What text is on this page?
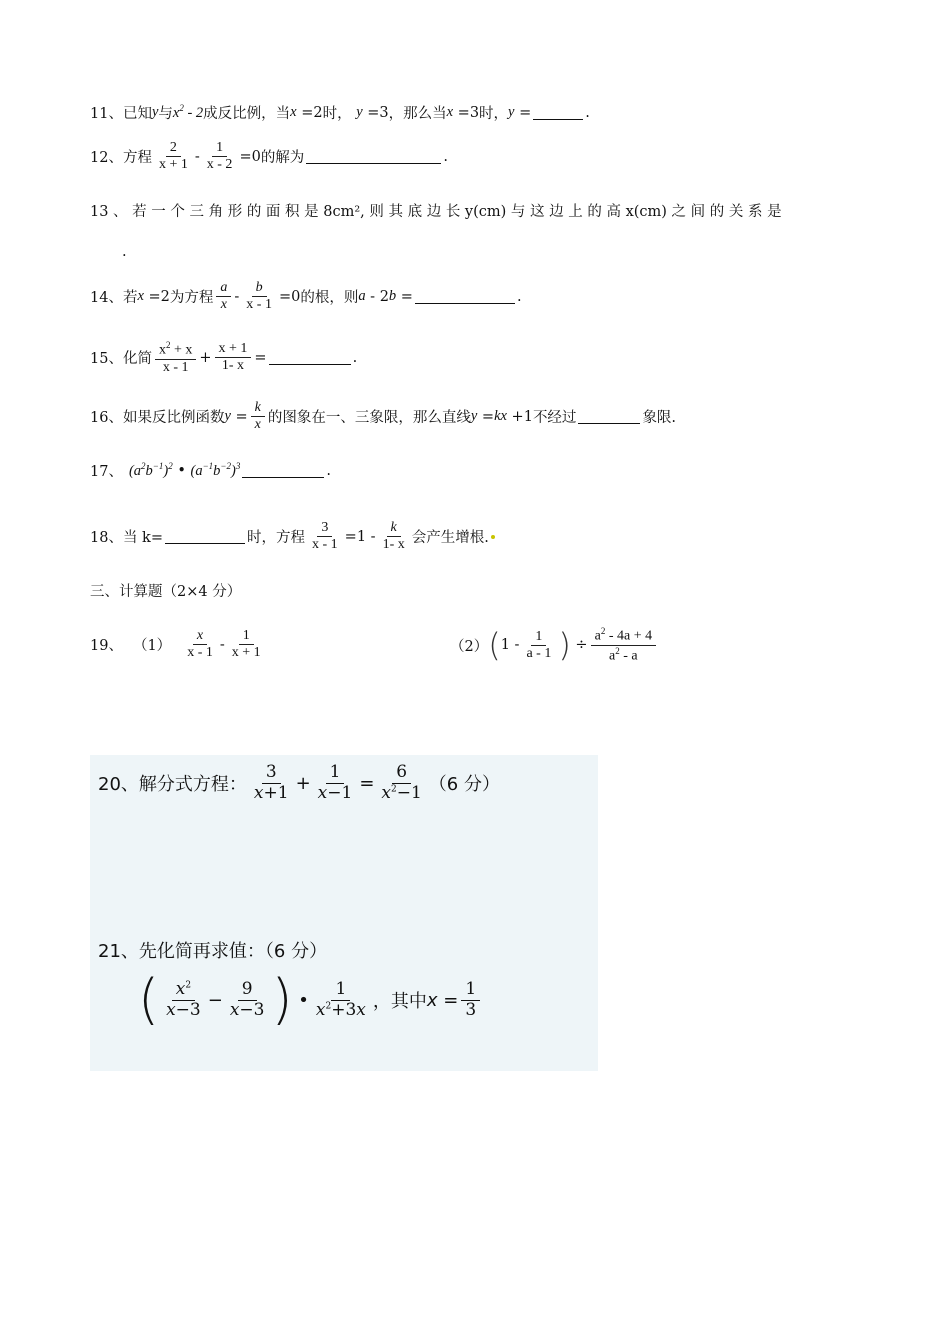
11、 已知 y 与 $x^2 - 2$ 成反比例，当 x =2 时，
y =3 ，那么当 x =3 时， y =	.
12、 方程 $\frac{2}{x + 1} - \frac{1}{x - 2} =0$ 的解为	.
13 、 若 一 个 三 角 形 的 面 积 是 8cm², 则 其 底 边 长 y(cm) 与 这 边 上 的 高 x(cm) 之 间 的 关 系 是
.
14、 若 x =2 为方程 $\frac{a}{x} - \frac{b}{x - 1} =0$ 的根，则 a - 2 b =	.
15、 化简 $\frac{x^2 + x}{x - 1} + \frac{x + 1}{1- x}$ =	.
16、 如果反比例函数 $y = \frac{k}{x}$ 的图象在一、三象限，那么直线 y = kx +1 不经过	象限.
17、 $(a^2b^{-1})^2$ • $(a^{-1}b^{-2})^3$	.
18、 当 k=	时，方程 $\frac{3}{x - 1} =1 - \frac{k}{1- x}$ 会产生增根.
三、计算题（2×4 分）
19、 $(1) \frac{x}{x - 1} - \frac{1}{x + 1}$	（2） ( $1 - \frac{1}{a - 1}$ ) ÷ $\frac{a^2 - 4a + 4}{a^2 - a}$
20、 解分式方程： $\frac{3}{x+1} + \frac{1}{x-1} = \frac{6}{x^2-1} (6$ 分）
21、 先化简再求值：（6 分）
( $\frac{x^2}{x-3} - \frac{9}{x-3}$ ) • $\frac{1}{x^2+3x}$ ，其中 $x = \frac{1}{3}$
